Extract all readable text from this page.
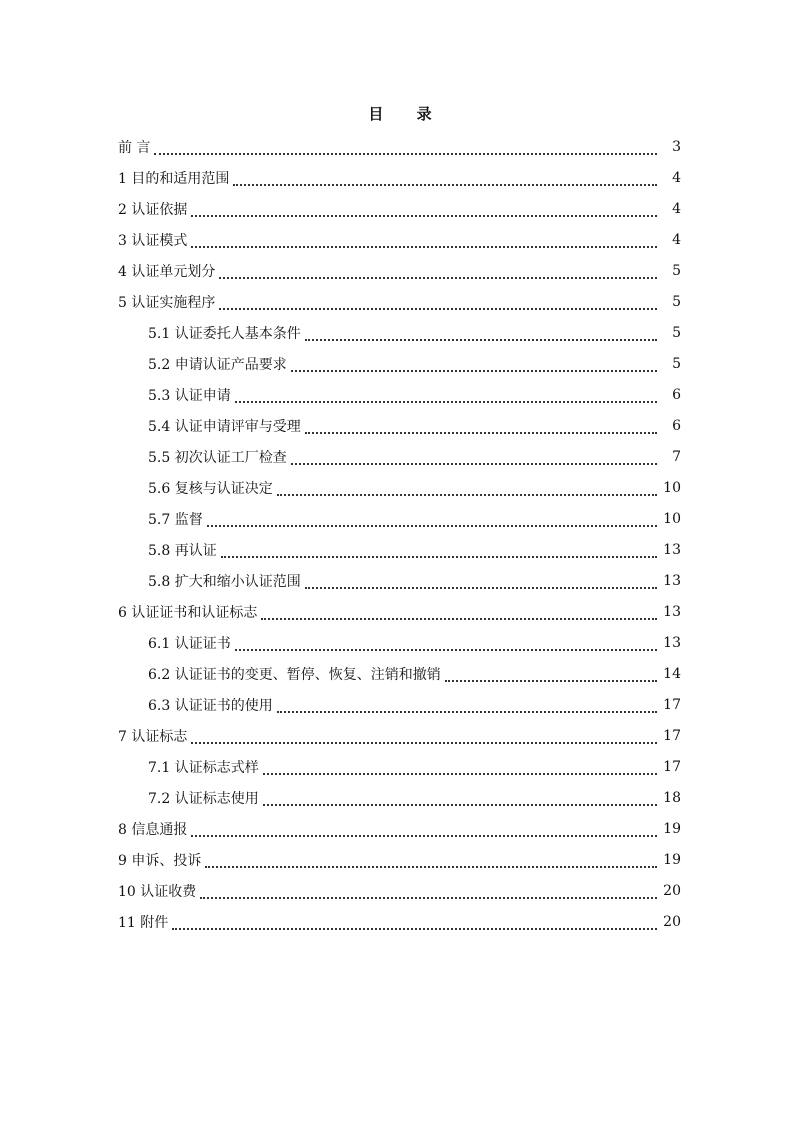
目 录
前 言	3
1 目的和适用范围	4
2 认证依据	4
3 认证模式	4
4 认证单元划分	5
5 认证实施程序	5
5.1 认证委托人基本条件	5
5.2 申请认证产品要求	5
5.3 认证申请	6
5.4 认证申请评审与受理	6
5.5 初次认证工厂检查	7
5.6 复核与认证决定	10
5.7 监督	10
5.8 再认证	13
5.8 扩大和缩小认证范围	13
6 认证证书和认证标志	13
6.1 认证证书	13
6.2 认证证书的变更、暂停、恢复、注销和撤销	14
6.3 认证证书的使用	17
7 认证标志	17
7.1 认证标志式样	17
7.2 认证标志使用	18
8 信息通报	19
9 申诉、投诉	19
10 认证收费	20
11 附件	20
